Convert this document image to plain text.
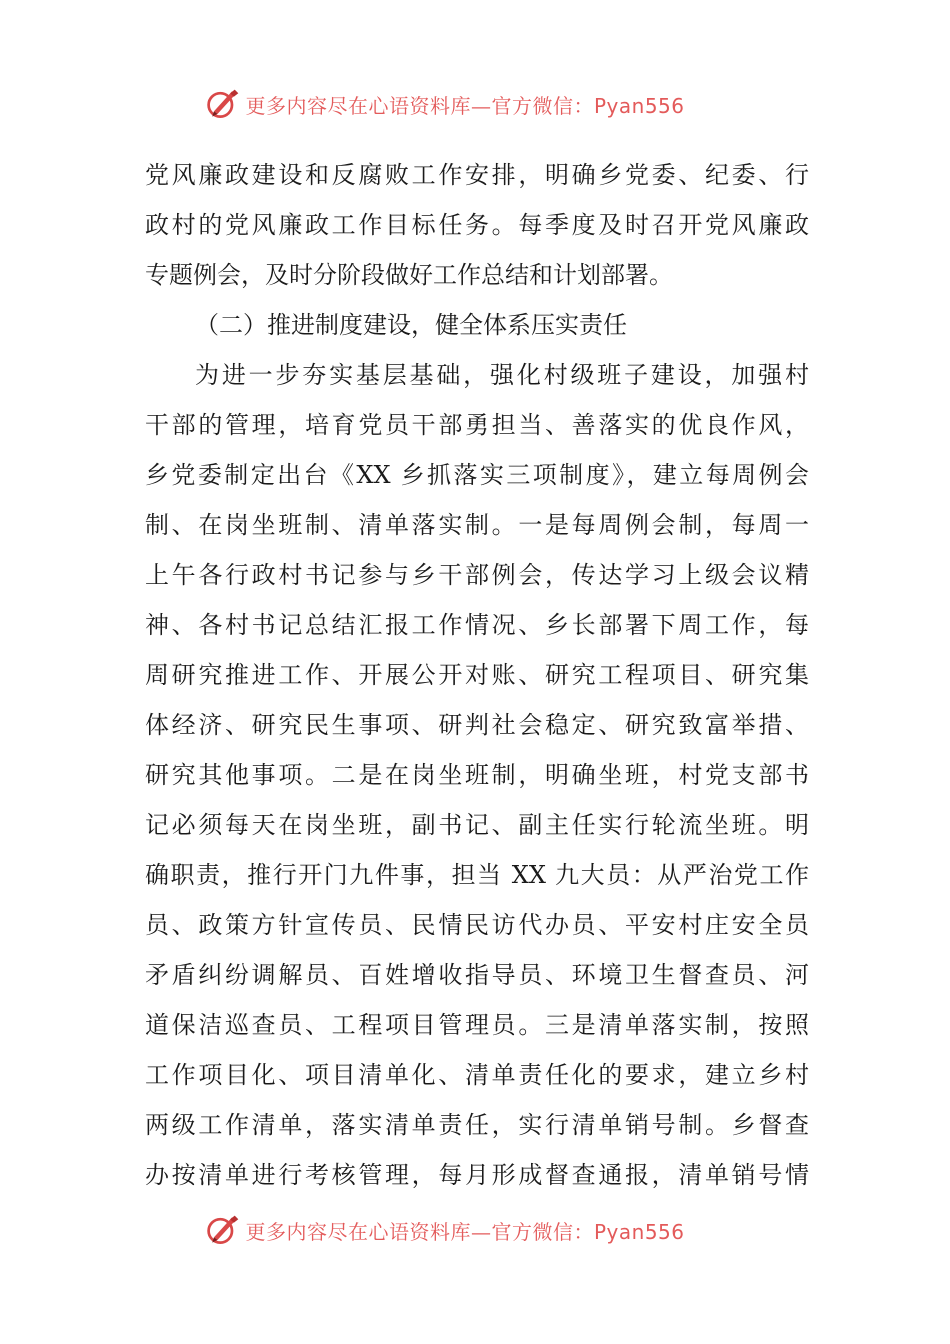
更多内容尽在心语资料库—官方微信：Pyan556
党风廉政建设和反腐败工作安排，明确乡党委、纪委、行
政村的党风廉政工作目标任务。每季度及时召开党风廉政
专题例会，及时分阶段做好工作总结和计划部署。
（二）推进制度建设，健全体系压实责任
为进一步夯实基层基础，强化村级班子建设，加强村
干部的管理，培育党员干部勇担当、善落实的优良作风，
乡党委制定出台《XX 乡抓落实三项制度》，建立每周例会
制、在岗坐班制、清单落实制。一是每周例会制，每周一
上午各行政村书记参与乡干部例会，传达学习上级会议精
神、各村书记总结汇报工作情况、乡长部署下周工作，每
周研究推进工作、开展公开对账、研究工程项目、研究集
体经济、研究民生事项、研判社会稳定、研究致富举措、
研究其他事项。二是在岗坐班制，明确坐班，村党支部书
记必须每天在岗坐班，副书记、副主任实行轮流坐班。明
确职责，推行开门九件事，担当 XX 九大员：从严治党工作
员、政策方针宣传员、民情民访代办员、平安村庄安全员
矛盾纠纷调解员、百姓增收指导员、环境卫生督查员、河
道保洁巡查员、工程项目管理员。三是清单落实制，按照
工作项目化、项目清单化、清单责任化的要求，建立乡村
两级工作清单，落实清单责任，实行清单销号制。乡督查
办按清单进行考核管理，每月形成督查通报，清单销号情
更多内容尽在心语资料库—官方微信：Pyan556
